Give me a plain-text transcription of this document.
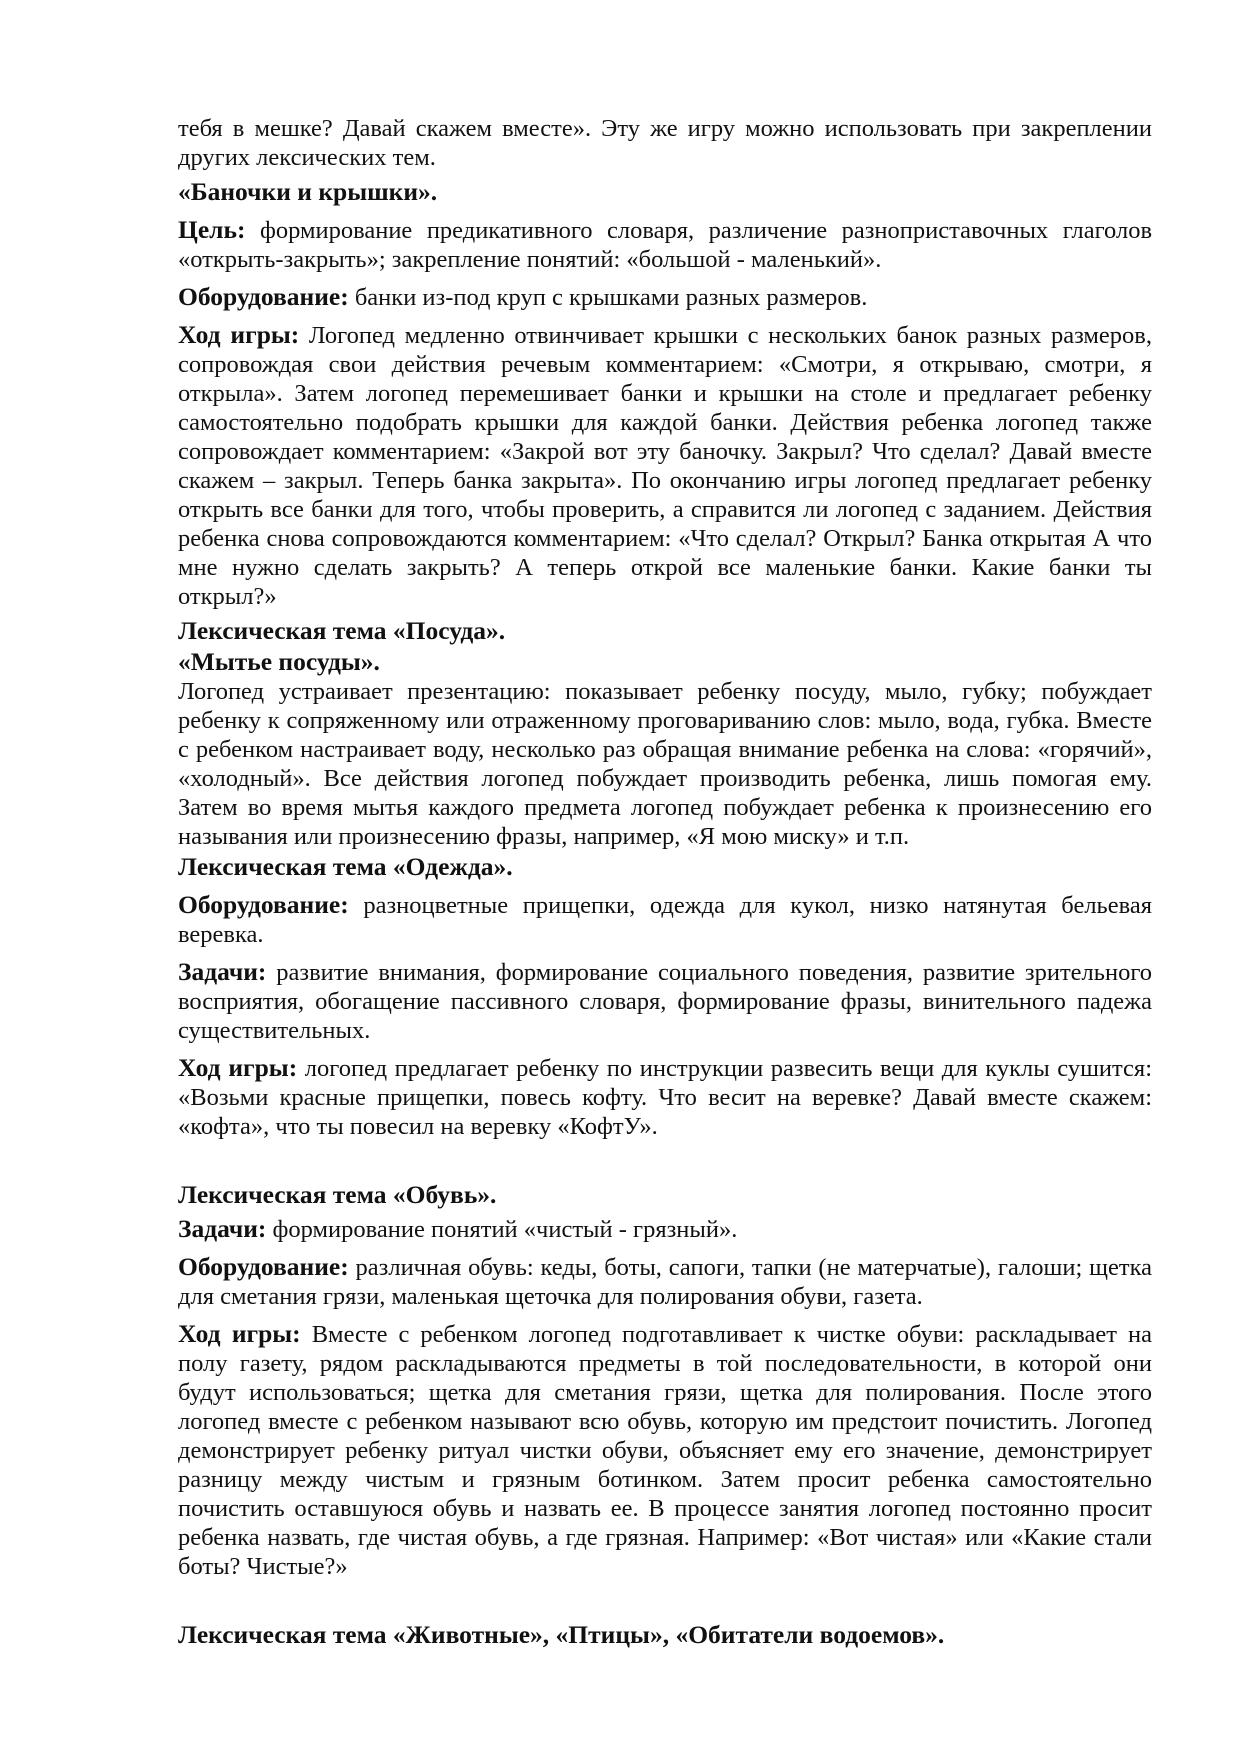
тебя в мешке? Давай скажем вместе». Эту же игру можно использовать при закреплении других лексических тем.

«Баночки и крышки».

Цель: формирование предикативного словаря, различение разноприставочных глаголов «открыть-закрыть»; закрепление понятий: «большой - маленький».

Оборудование: банки из-под круп с крышками разных размеров.

Ход игры: Логопед медленно отвинчивает крышки с нескольких банок разных размеров, сопровождая свои действия речевым комментарием: «Смотри, я открываю, смотри, я открыла». Затем логопед перемешивает банки и крышки на столе и предлагает ребенку самостоятельно подобрать крышки для каждой банки. Действия ребенка логопед также сопровождает комментарием: «Закрой вот эту баночку. Закрыл? Что сделал? Давай вместе скажем – закрыл. Теперь банка закрыта». По окончанию игры логопед предлагает ребенку открыть все банки для того, чтобы проверить, а справится ли логопед с заданием. Действия ребенка снова сопровождаются комментарием: «Что сделал? Открыл? Банка открытая А что мне нужно сделать закрыть? А теперь открой все маленькие банки. Какие банки ты открыл?»

Лексическая тема «Посуда».
«Мытье посуды».

Логопед устраивает презентацию: показывает ребенку посуду, мыло, губку; побуждает ребенку к сопряженному или отраженному проговариванию слов: мыло, вода, губка. Вместе с ребенком настраивает воду, несколько раз обращая внимание ребенка на слова: «горячий», «холодный». Все действия логопед побуждает производить ребенка, лишь помогая ему. Затем во время мытья каждого предмета логопед побуждает ребенка к произнесению его называния или произнесению фразы, например, «Я мою миску» и т.п.

Лексическая тема «Одежда».

Оборудование: разноцветные прищепки, одежда для кукол, низко натянутая бельевая веревка.

Задачи: развитие внимания, формирование социального поведения, развитие зрительного восприятия, обогащение пассивного словаря, формирование фразы, винительного падежа существительных.

Ход игры: логопед предлагает ребенку по инструкции развесить вещи для куклы сушится: «Возьми красные прищепки, повесь кофту. Что весит на веревке? Давай вместе скажем: «кофта», что ты повесил на веревку «КофтУ».

Лексическая тема «Обувь».

Задачи: формирование понятий «чистый - грязный».

Оборудование: различная обувь: кеды, боты, сапоги, тапки (не матерчатые), галоши; щетка для сметания грязи, маленькая щеточка для полирования обуви, газета.

Ход игры: Вместе с ребенком логопед подготавливает к чистке обуви: раскладывает на полу газету, рядом раскладываются предметы в той последовательности, в которой они будут использоваться; щетка для сметания грязи, щетка для полирования. После этого логопед вместе с ребенком называют всю обувь, которую им предстоит почистить. Логопед демонстрирует ребенку ритуал чистки обуви, объясняет ему его значение, демонстрирует разницу между чистым и грязным ботинком. Затем просит ребенка самостоятельно почистить оставшуюся обувь и назвать ее. В процессе занятия логопед постоянно просит ребенка назвать, где чистая обувь, а где грязная. Например: «Вот чистая» или «Какие стали боты? Чистые?»

Лексическая тема «Животные», «Птицы», «Обитатели водоемов».
